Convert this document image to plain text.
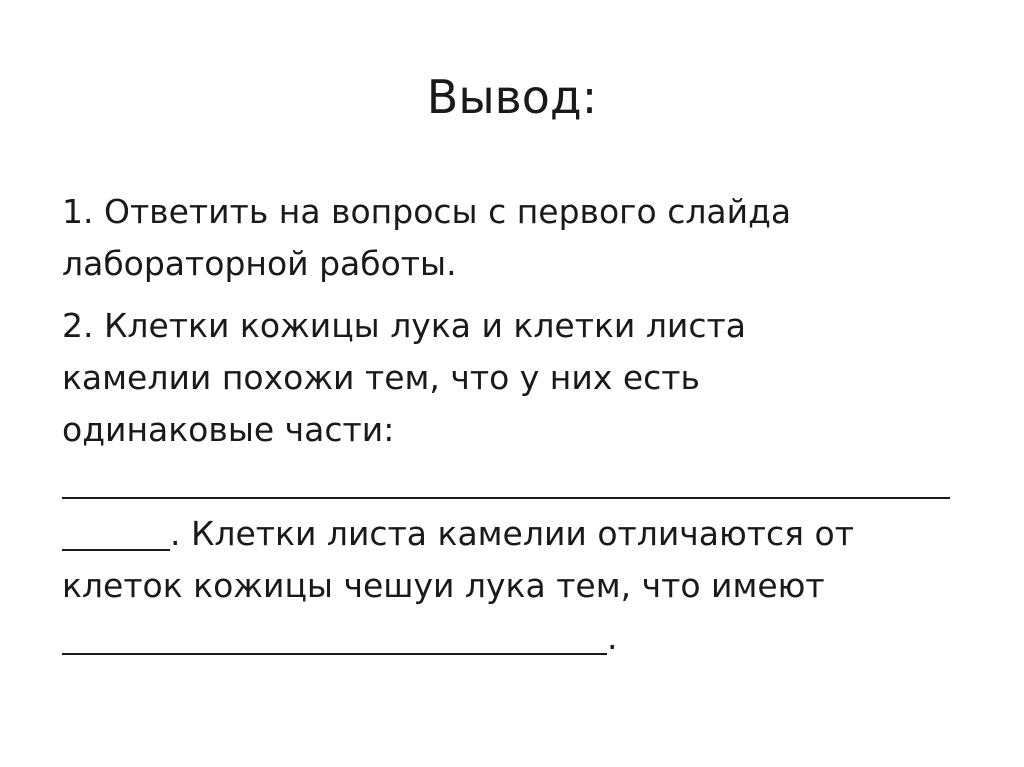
Вывод:

1. Ответить на вопросы с первого слайда
лабораторной работы.

2. Клетки кожицы лука и клетки листа
камелии похожи тем, что у них есть
одинаковые части:
. Клетки листа камелии отличаются от
клеток кожицы чешуи лука тем, что имеют
.
